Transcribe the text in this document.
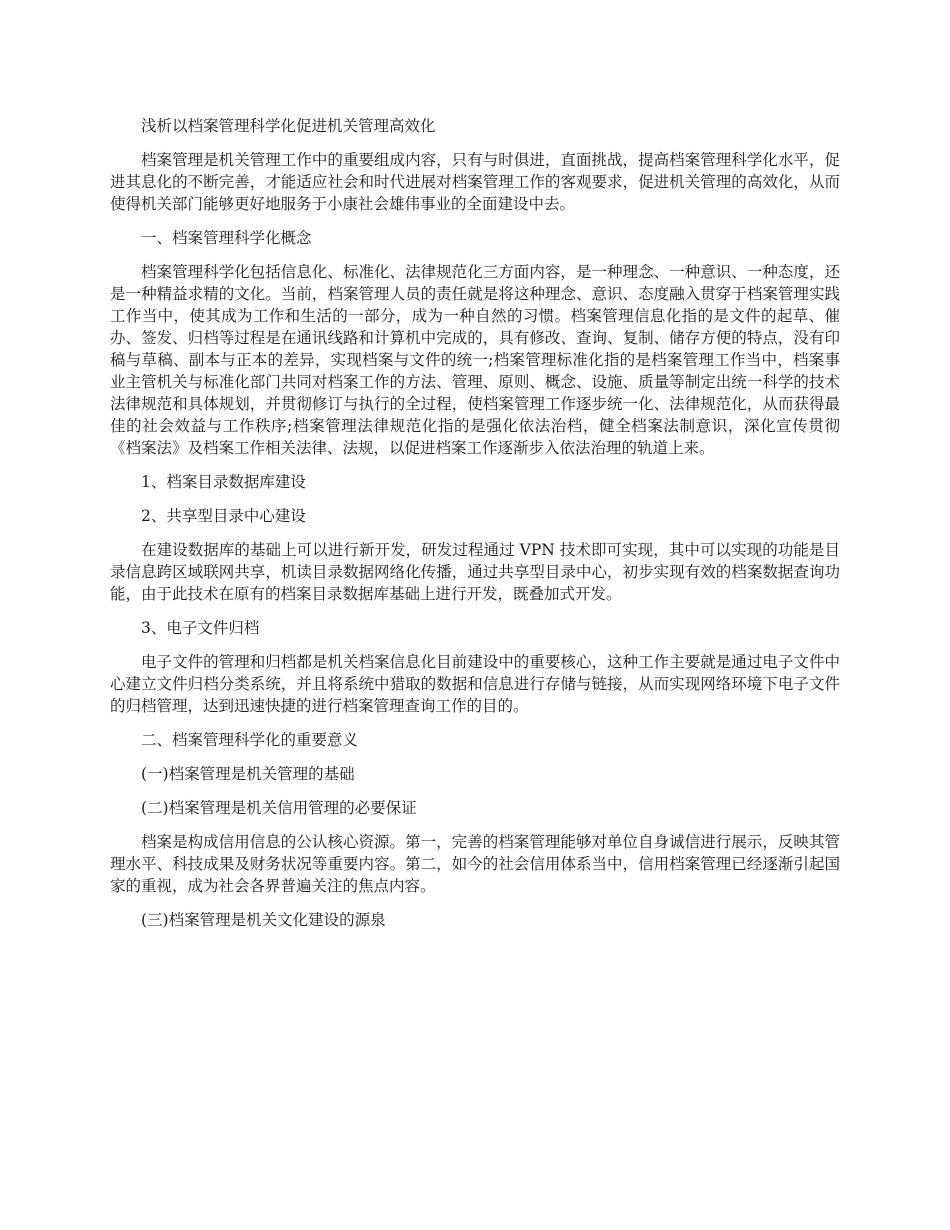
浅析以档案管理科学化促进机关管理高效化

档案管理是机关管理工作中的重要组成内容，只有与时俱进，直面挑战，提高档案管理科学化水平，促进其息化的不断完善，才能适应社会和时代进展对档案管理工作的客观要求，促进机关管理的高效化，从而使得机关部门能够更好地服务于小康社会雄伟事业的全面建设中去。

一、档案管理科学化概念

档案管理科学化包括信息化、标准化、法律规范化三方面内容，是一种理念、一种意识、一种态度，还是一种精益求精的文化。当前，档案管理人员的责任就是将这种理念、意识、态度融入贯穿于档案管理实践工作当中，使其成为工作和生活的一部分，成为一种自然的习惯。档案管理信息化指的是文件的起草、催办、签发、归档等过程是在通讯线路和计算机中完成的，具有修改、查询、复制、储存方便的特点，没有印稿与草稿、副本与正本的差异，实现档案与文件的统一;档案管理标准化指的是档案管理工作当中，档案事业主管机关与标准化部门共同对档案工作的方法、管理、原则、概念、设施、质量等制定出统一科学的技术法律规范和具体规划，并贯彻修订与执行的全过程，使档案管理工作逐步统一化、法律规范化，从而获得最佳的社会效益与工作秩序;档案管理法律规范化指的是强化依法治档，健全档案法制意识，深化宣传贯彻《档案法》及档案工作相关法律、法规，以促进档案工作逐渐步入依法治理的轨道上来。

1、档案目录数据库建设

2、共享型目录中心建设

在建设数据库的基础上可以进行新开发，研发过程通过 VPN 技术即可实现，其中可以实现的功能是目录信息跨区域联网共享，机读目录数据网络化传播，通过共享型目录中心，初步实现有效的档案数据查询功能，由于此技术在原有的档案目录数据库基础上进行开发，既叠加式开发。

3、电子文件归档

电子文件的管理和归档都是机关档案信息化目前建设中的重要核心，这种工作主要就是通过电子文件中心建立文件归档分类系统，并且将系统中猎取的数据和信息进行存储与链接，从而实现网络环境下电子文件的归档管理，达到迅速快捷的进行档案管理查询工作的目的。

二、档案管理科学化的重要意义

(一)档案管理是机关管理的基础

(二)档案管理是机关信用管理的必要保证

档案是构成信用信息的公认核心资源。第一，完善的档案管理能够对单位自身诚信进行展示，反映其管理水平、科技成果及财务状况等重要内容。第二，如今的社会信用体系当中，信用档案管理已经逐渐引起国家的重视，成为社会各界普遍关注的焦点内容。

(三)档案管理是机关文化建设的源泉
